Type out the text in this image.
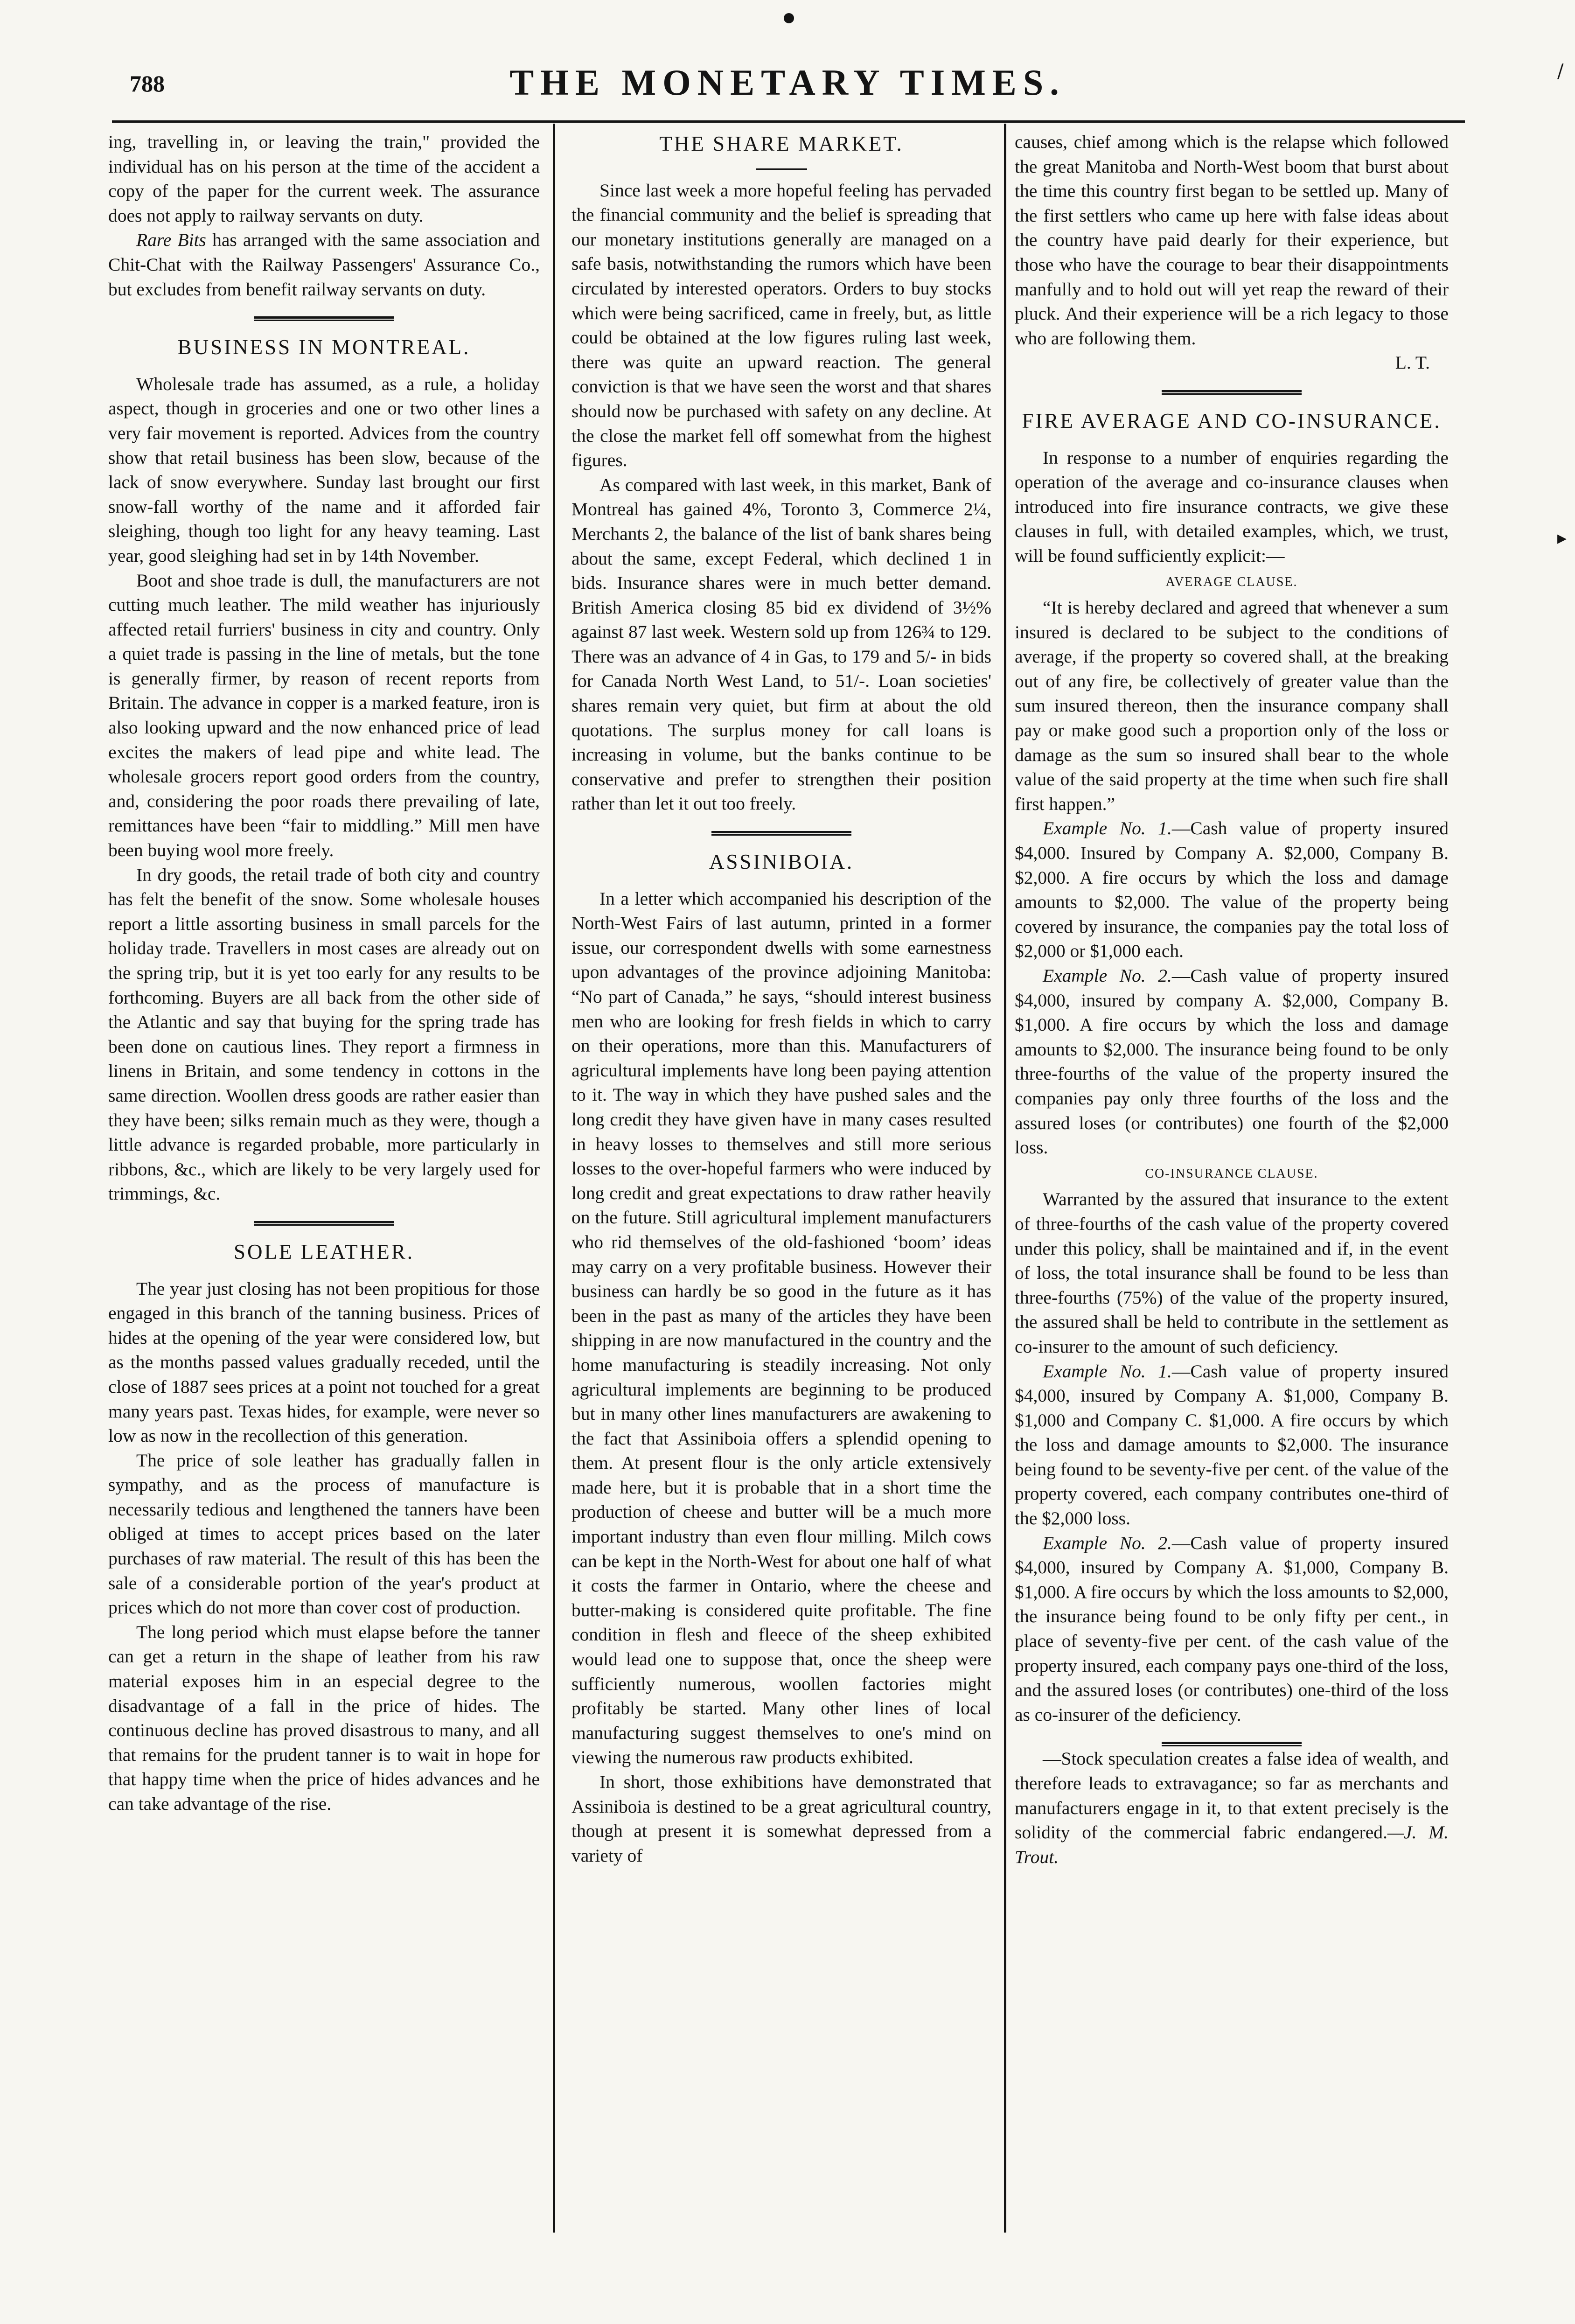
788	THE MONETARY TIMES.

ing, travelling in, or leaving the train," provided the individual has on his person at the time of the accident a copy of the paper for the current week. The assurance does not apply to railway servants on duty.

Rare Bits has arranged with the same association and Chit-Chat with the Railway Passengers' Assurance Co., but excludes from benefit railway servants on duty.

BUSINESS IN MONTREAL.

Wholesale trade has assumed, as a rule, a holiday aspect, though in groceries and one or two other lines a very fair movement is reported. Advices from the country show that retail business has been slow, because of the lack of snow everywhere. Sunday last brought our first snow-fall worthy of the name and it afforded fair sleighing, though too light for any heavy teaming. Last year, good sleighing had set in by 14th November.

Boot and shoe trade is dull, the manufacturers are not cutting much leather. The mild weather has injuriously affected retail furriers' business in city and country. Only a quiet trade is passing in the line of metals, but the tone is generally firmer, by reason of recent reports from Britain. The advance in copper is a marked feature, iron is also looking upward and the now enhanced price of lead excites the makers of lead pipe and white lead. The wholesale grocers report good orders from the country, and, considering the poor roads there prevailing of late, remittances have been “fair to middling.” Mill men have been buying wool more freely.

In dry goods, the retail trade of both city and country has felt the benefit of the snow. Some wholesale houses report a little assorting business in small parcels for the holiday trade. Travellers in most cases are already out on the spring trip, but it is yet too early for any results to be forthcoming. Buyers are all back from the other side of the Atlantic and say that buying for the spring trade has been done on cautious lines. They report a firmness in linens in Britain, and some tendency in cottons in the same direction. Woollen dress goods are rather easier than they have been; silks remain much as they were, though a little advance is regarded probable, more particularly in ribbons, &c., which are likely to be very largely used for trimmings, &c.

SOLE LEATHER.

The year just closing has not been propitious for those engaged in this branch of the tanning business. Prices of hides at the opening of the year were considered low, but as the months passed values gradually receded, until the close of 1887 sees prices at a point not touched for a great many years past. Texas hides, for example, were never so low as now in the recollection of this generation.

The price of sole leather has gradually fallen in sympathy, and as the process of manufacture is necessarily tedious and lengthened the tanners have been obliged at times to accept prices based on the later purchases of raw material. The result of this has been the sale of a considerable portion of the year's product at prices which do not more than cover cost of production.

The long period which must elapse before the tanner can get a return in the shape of leather from his raw material exposes him in an especial degree to the disadvantage of a fall in the price of hides. The continuous decline has proved disastrous to many, and all that remains for the prudent tanner is to wait in hope for that happy time when the price of hides advances and he can take advantage of the rise.

THE SHARE MARKET.

Since last week a more hopeful feeling has pervaded the financial community and the belief is spreading that our monetary institutions generally are managed on a safe basis, notwithstanding the rumors which have been circulated by interested operators. Orders to buy stocks which were being sacrificed, came in freely, but, as little could be obtained at the low figures ruling last week, there was quite an upward reaction. The general conviction is that we have seen the worst and that shares should now be purchased with safety on any decline. At the close the market fell off somewhat from the highest figures.

As compared with last week, in this market, Bank of Montreal has gained 4%, Toronto 3, Commerce 2¼, Merchants 2, the balance of the list of bank shares being about the same, except Federal, which declined 1 in bids. Insurance shares were in much better demand. British America closing 85 bid ex dividend of 3½% against 87 last week. Western sold up from 126¾ to 129. There was an advance of 4 in Gas, to 179 and 5/- in bids for Canada North West Land, to 51/-. Loan societies' shares remain very quiet, but firm at about the old quotations. The surplus money for call loans is increasing in volume, but the banks continue to be conservative and prefer to strengthen their position rather than let it out too freely.

ASSINIBOIA.

In a letter which accompanied his description of the North-West Fairs of last autumn, printed in a former issue, our correspondent dwells with some earnestness upon advantages of the province adjoining Manitoba: “No part of Canada,” he says, “should interest business men who are looking for fresh fields in which to carry on their operations, more than this. Manufacturers of agricultural implements have long been paying attention to it. The way in which they have pushed sales and the long credit they have given have in many cases resulted in heavy losses to themselves and still more serious losses to the over-hopeful farmers who were induced by long credit and great expectations to draw rather heavily on the future. Still agricultural implement manufacturers who rid themselves of the old-fashioned ‘boom’ ideas may carry on a very profitable business. However their business can hardly be so good in the future as it has been in the past as many of the articles they have been shipping in are now manufactured in the country and the home manufacturing is steadily increasing. Not only agricultural implements are beginning to be produced but in many other lines manufacturers are awakening to the fact that Assiniboia offers a splendid opening to them. At present flour is the only article extensively made here, but it is probable that in a short time the production of cheese and butter will be a much more important industry than even flour milling. Milch cows can be kept in the North-West for about one half of what it costs the farmer in Ontario, where the cheese and butter-making is considered quite profitable. The fine condition in flesh and fleece of the sheep exhibited would lead one to suppose that, once the sheep were sufficiently numerous, woollen factories might profitably be started. Many other lines of local manufacturing suggest themselves to one's mind on viewing the numerous raw products exhibited.

In short, those exhibitions have demonstrated that Assiniboia is destined to be a great agricultural country, though at present it is somewhat depressed from a variety of

causes, chief among which is the relapse which followed the great Manitoba and North-West boom that burst about the time this country first began to be settled up. Many of the first settlers who came up here with false ideas about the country have paid dearly for their experience, but those who have the courage to bear their disappointments manfully and to hold out will yet reap the reward of their pluck. And their experience will be a rich legacy to those who are following them.

L. T.

FIRE AVERAGE AND CO-INSURANCE.

In response to a number of enquiries regarding the operation of the average and co-insurance clauses when introduced into fire insurance contracts, we give these clauses in full, with detailed examples, which, we trust, will be found sufficiently explicit:—

AVERAGE CLAUSE.

“It is hereby declared and agreed that whenever a sum insured is declared to be subject to the conditions of average, if the property so covered shall, at the breaking out of any fire, be collectively of greater value than the sum insured thereon, then the insurance company shall pay or make good such a proportion only of the loss or damage as the sum so insured shall bear to the whole value of the said property at the time when such fire shall first happen.”

Example No. 1.—Cash value of property insured $4,000. Insured by Company A. $2,000, Company B. $2,000. A fire occurs by which the loss and damage amounts to $2,000. The value of the property being covered by insurance, the companies pay the total loss of $2,000 or $1,000 each.

Example No. 2.—Cash value of property insured $4,000, insured by company A. $2,000, Company B. $1,000. A fire occurs by which the loss and damage amounts to $2,000. The insurance being found to be only three-fourths of the value of the property insured the companies pay only three fourths of the loss and the assured loses (or contributes) one fourth of the $2,000 loss.

CO-INSURANCE CLAUSE.

Warranted by the assured that insurance to the extent of three-fourths of the cash value of the property covered under this policy, shall be maintained and if, in the event of loss, the total insurance shall be found to be less than three-fourths (75%) of the value of the property insured, the assured shall be held to contribute in the settlement as co-insurer to the amount of such deficiency.

Example No. 1.—Cash value of property insured $4,000, insured by Company A. $1,000, Company B. $1,000 and Company C. $1,000. A fire occurs by which the loss and damage amounts to $2,000. The insurance being found to be seventy-five per cent. of the value of the property covered, each company contributes one-third of the $2,000 loss.

Example No. 2.—Cash value of property insured $4,000, insured by Company A. $1,000, Company B. $1,000. A fire occurs by which the loss amounts to $2,000, the insurance being found to be only fifty per cent., in place of seventy-five per cent. of the cash value of the property insured, each company pays one-third of the loss, and the assured loses (or contributes) one-third of the loss as co-insurer of the deficiency.

—Stock speculation creates a false idea of wealth, and therefore leads to extravagance; so far as merchants and manufacturers engage in it, to that extent precisely is the solidity of the commercial fabric endangered.—J. M. Trout.

/
▸
